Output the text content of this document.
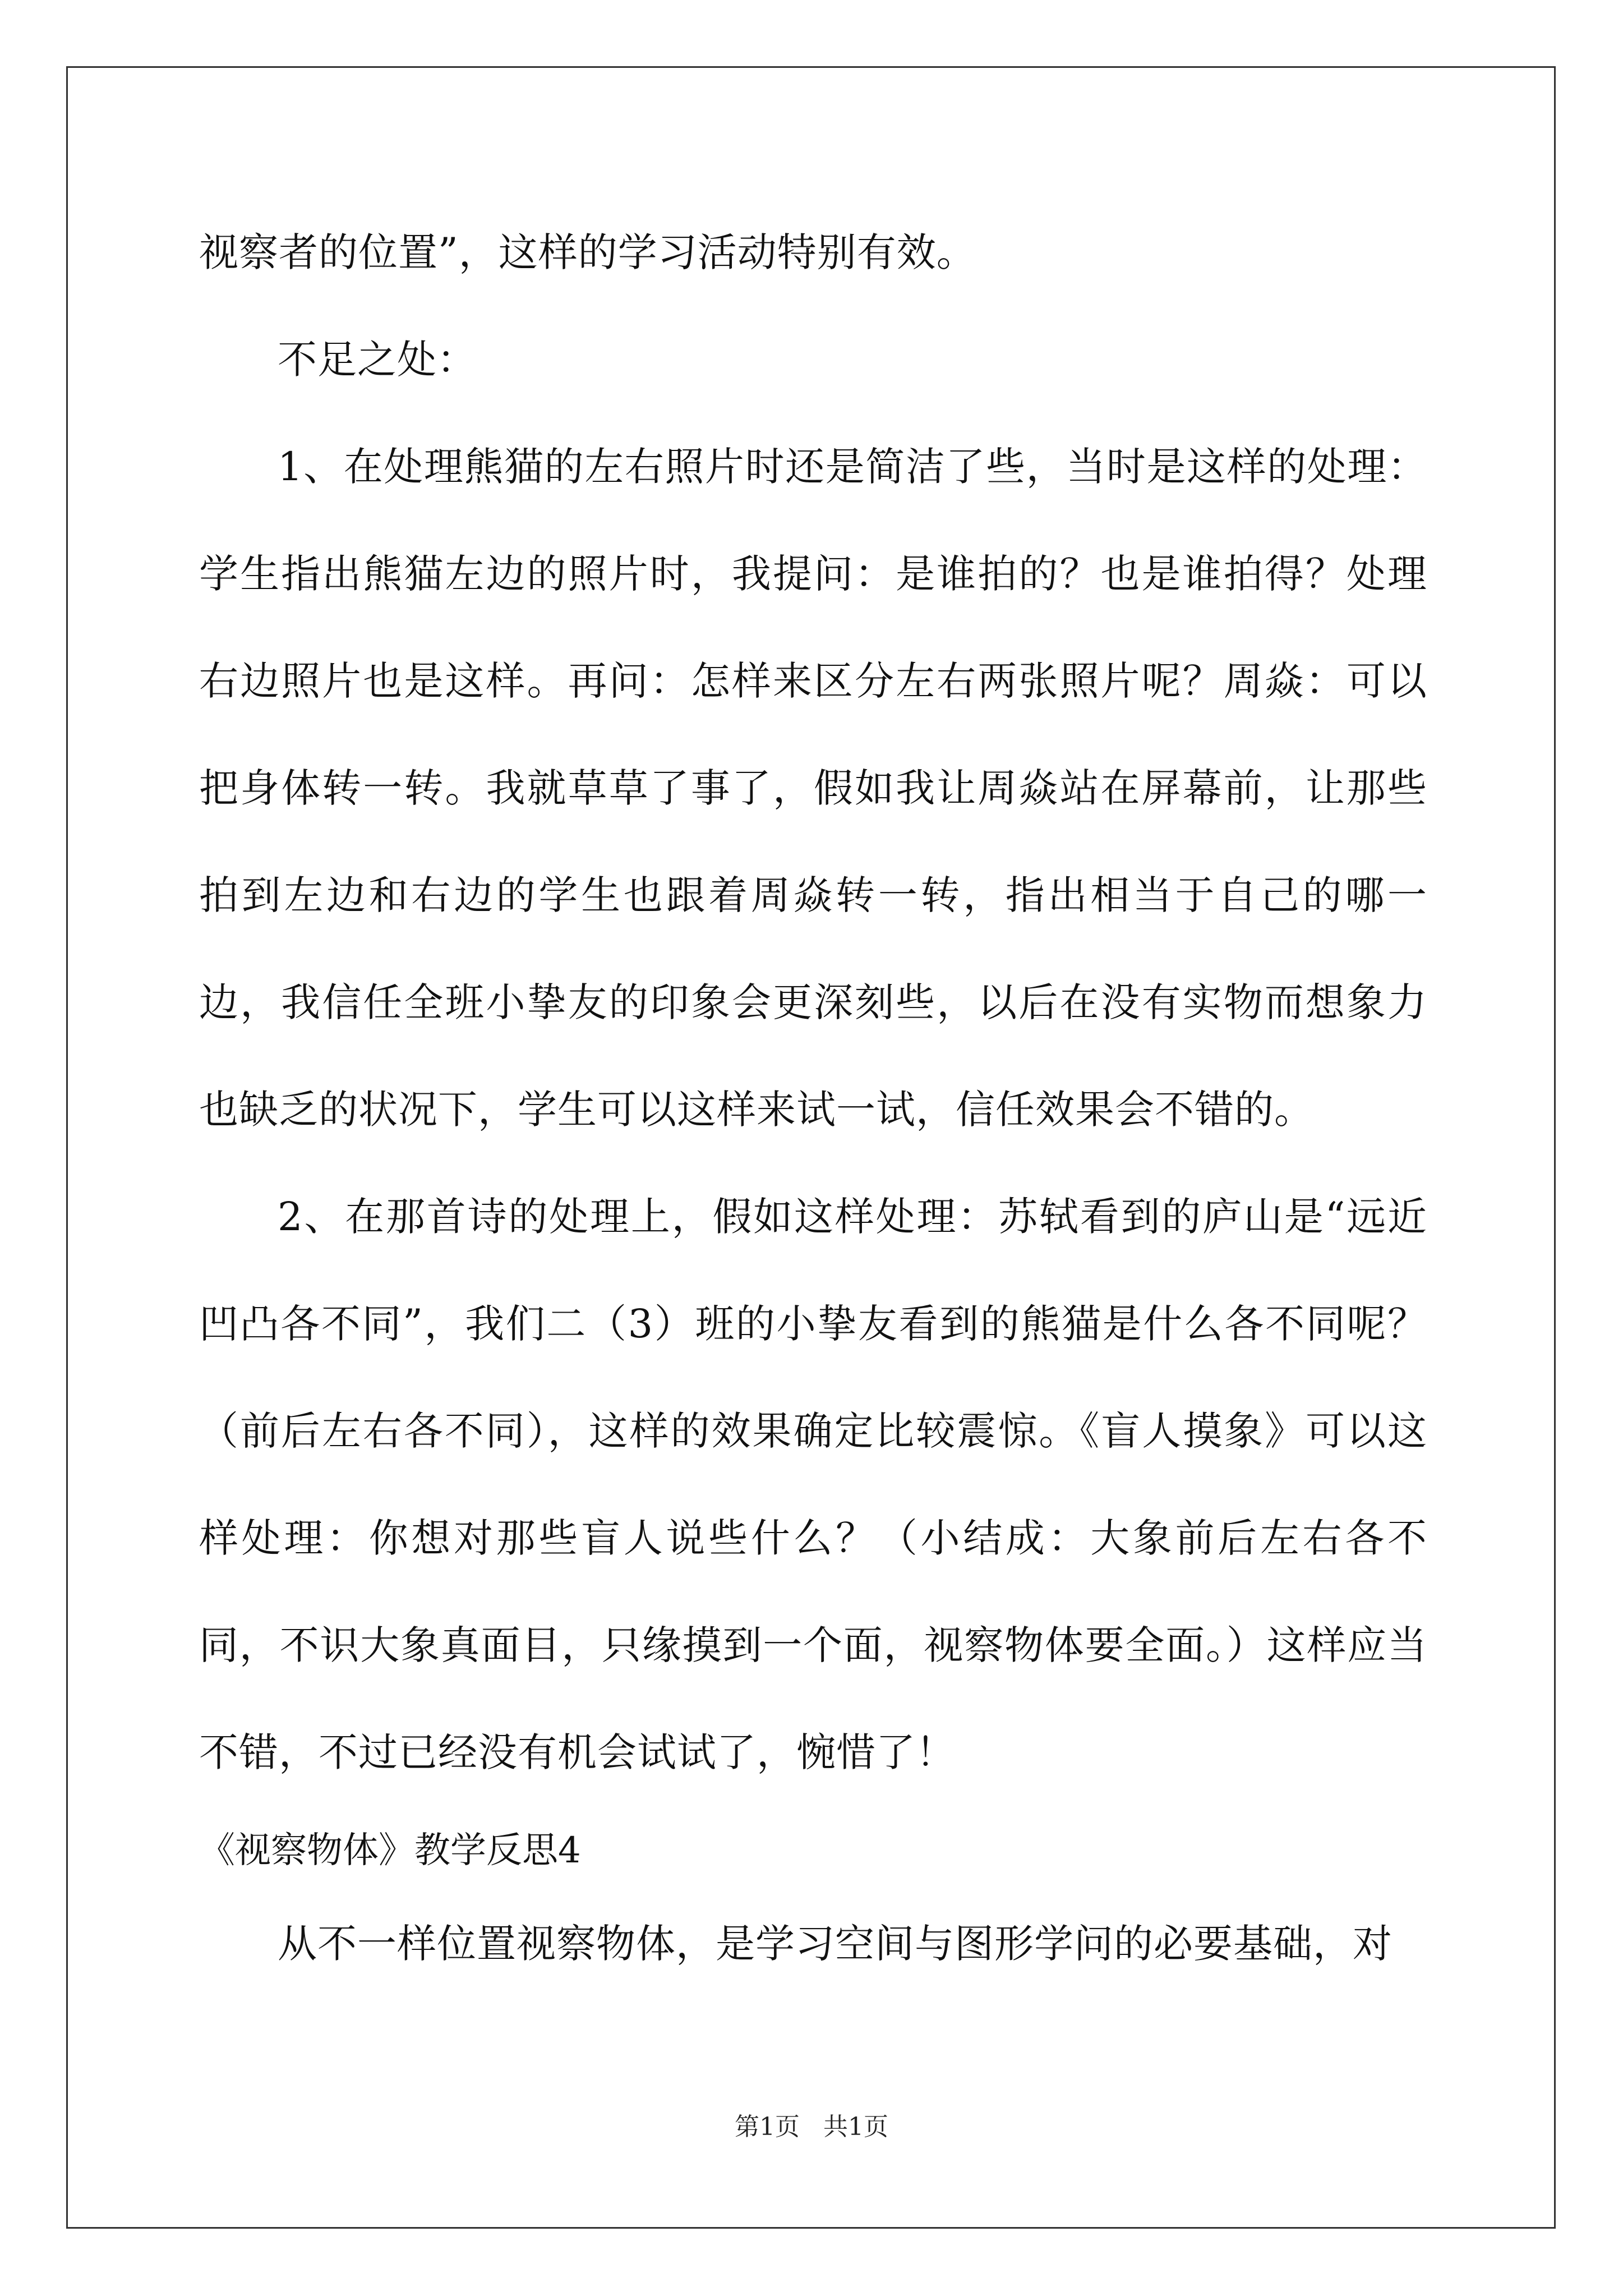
视察者的位置”，这样的学习活动特别有效。

不足之处：

1、在处理熊猫的左右照片时还是简洁了些，当时是这样的处理：学生指出熊猫左边的照片时，我提问：是谁拍的？也是谁拍得？处理右边照片也是这样。再问：怎样来区分左右两张照片呢？周焱：可以把身体转一转。我就草草了事了，假如我让周焱站在屏幕前，让那些拍到左边和右边的学生也跟着周焱转一转，指出相当于自己的哪一边，我信任全班小挚友的印象会更深刻些，以后在没有实物而想象力也缺乏的状况下，学生可以这样来试一试，信任效果会不错的。

2、在那首诗的处理上，假如这样处理：苏轼看到的庐山是“远近凹凸各不同”，我们二（3）班的小挚友看到的熊猫是什么各不同呢？（前后左右各不同），这样的效果确定比较震惊。《盲人摸象》可以这样处理：你想对那些盲人说些什么？（小结成：大象前后左右各不同，不识大象真面目，只缘摸到一个面，视察物体要全面。）这样应当不错，不过已经没有机会试试了，惋惜了！

《视察物体》教学反思4

从不一样位置视察物体，是学习空间与图形学问的必要基础，对

第1页   共1页
